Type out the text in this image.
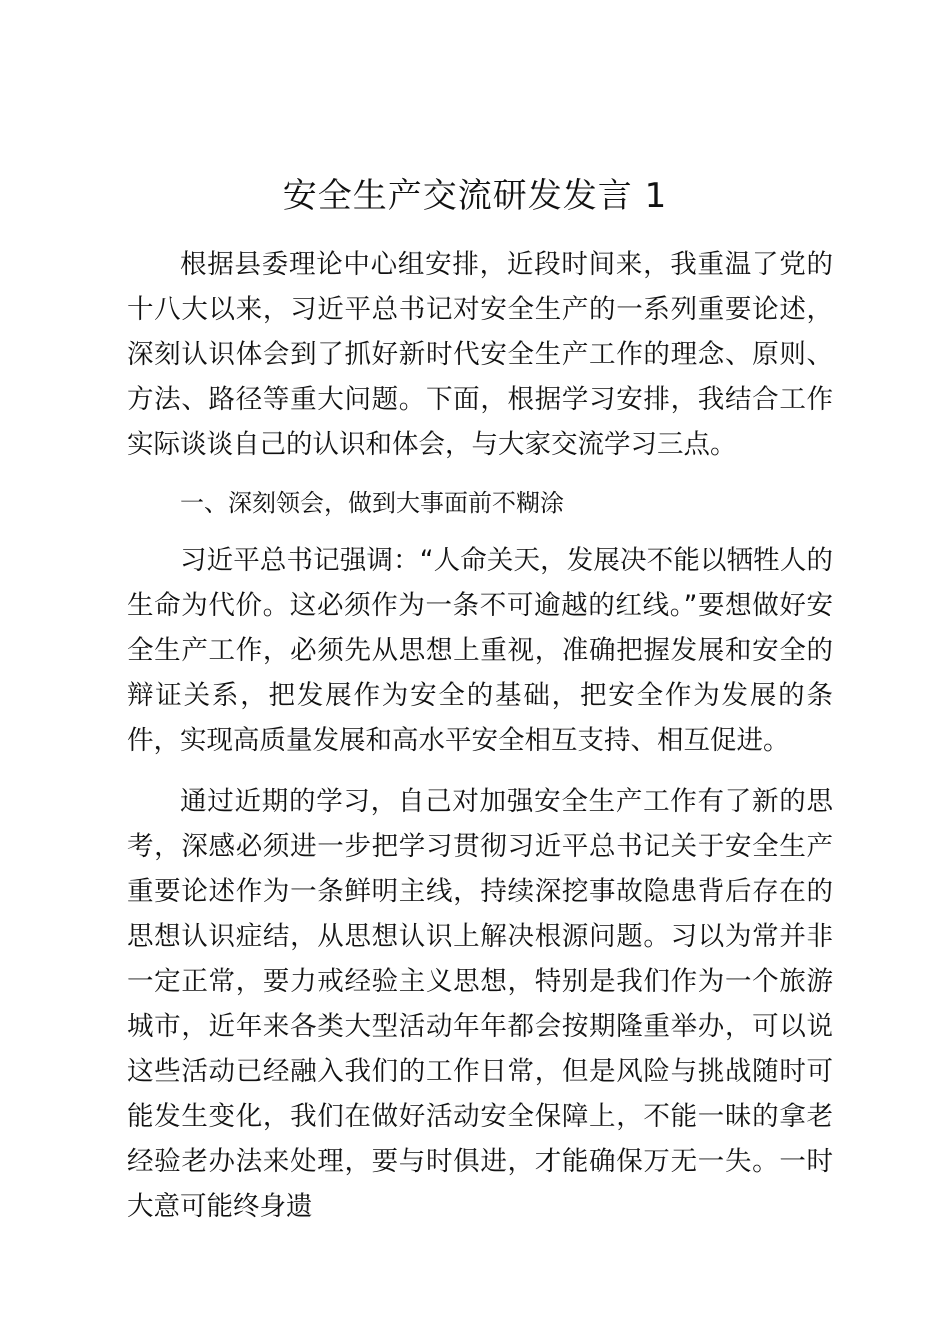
安全生产交流研发发言 1

根据县委理论中心组安排，近段时间来，我重温了党的十八大以来，习近平总书记对安全生产的一系列重要论述，深刻认识体会到了抓好新时代安全生产工作的理念、原则、方法、路径等重大问题。下面，根据学习安排，我结合工作实际谈谈自己的认识和体会，与大家交流学习三点。

一、深刻领会，做到大事面前不糊涂

习近平总书记强调：“人命关天，发展决不能以牺牲人的生命为代价。这必须作为一条不可逾越的红线。”要想做好安全生产工作，必须先从思想上重视，准确把握发展和安全的辩证关系，把发展作为安全的基础，把安全作为发展的条件，实现高质量发展和高水平安全相互支持、相互促进。

通过近期的学习，自己对加强安全生产工作有了新的思考，深感必须进一步把学习贯彻习近平总书记关于安全生产重要论述作为一条鲜明主线，持续深挖事故隐患背后存在的思想认识症结，从思想认识上解决根源问题。习以为常并非一定正常，要力戒经验主义思想，特别是我们作为一个旅游城市，近年来各类大型活动年年都会按期隆重举办，可以说这些活动已经融入我们的工作日常，但是风险与挑战随时可能发生变化，我们在做好活动安全保障上，不能一昧的拿老经验老办法来处理，要与时俱进，才能确保万无一失。一时大意可能终身遗
